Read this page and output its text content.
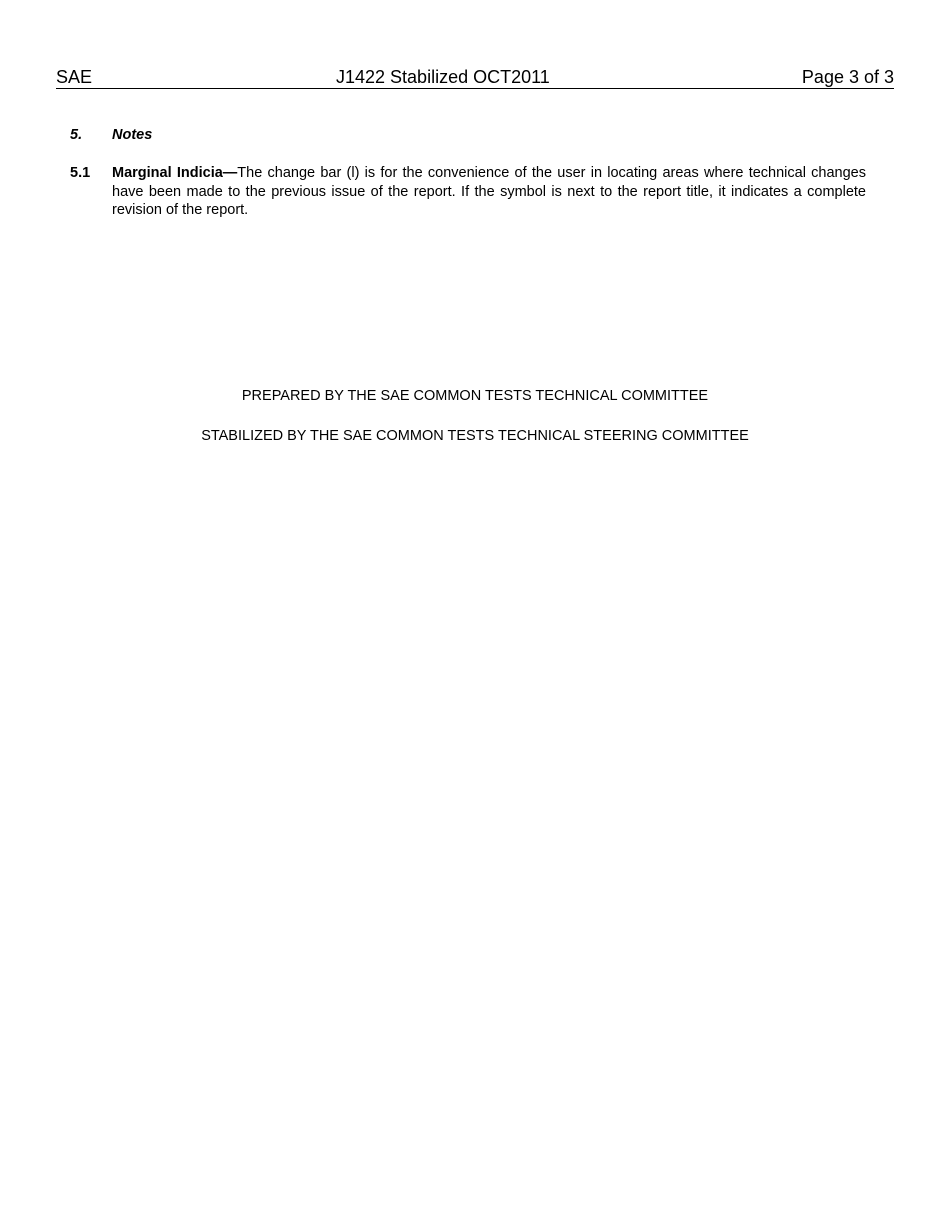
SAE	J1422 Stabilized OCT2011	Page 3 of 3
5. Notes
5.1 Marginal Indicia—The change bar (l) is for the convenience of the user in locating areas where technical changes have been made to the previous issue of the report. If the symbol is next to the report title, it indicates a complete revision of the report.
PREPARED BY THE SAE COMMON TESTS TECHNICAL COMMITTEE
STABILIZED BY THE SAE COMMON TESTS TECHNICAL STEERING COMMITTEE
